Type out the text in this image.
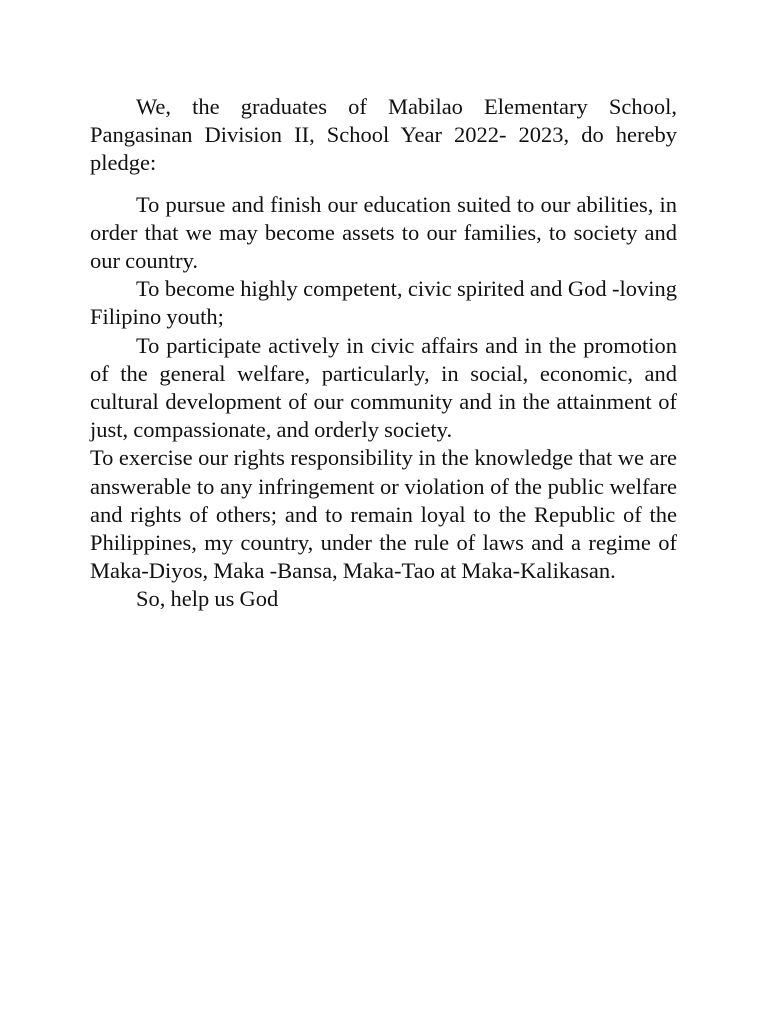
We, the graduates of Mabilao Elementary School, Pangasinan Division II, School Year 2022- 2023, do hereby pledge:

To pursue and finish our education suited to our abilities, in order that we may become assets to our families, to society and our country.

To become highly competent, civic spirited and God -loving Filipino youth;

To participate actively in civic affairs and in the promotion of the general welfare, particularly, in social, economic, and cultural development of our community and in the attainment of just, compassionate, and orderly society.

To exercise our rights responsibility in the knowledge that we are answerable to any infringement or violation of the public welfare and rights of others; and to remain loyal to the Republic of the Philippines, my country, under the rule of laws and a regime of Maka-Diyos, Maka -Bansa, Maka-Tao at Maka-Kalikasan.

So, help us God
